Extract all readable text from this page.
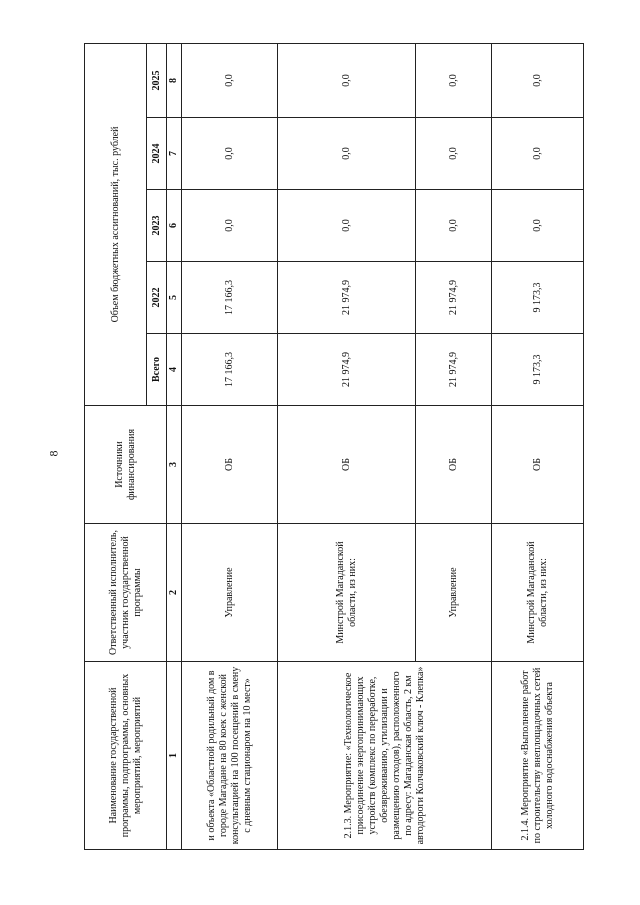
8
Наименование государственной программы, подпрограммы, основных мероприятий, мероприятий	Ответственный исполнитель, участник государственной программы	Источники финансирования	Объем бюджетных ассигнований, тыс. рублей				
			Всего	2022	2023	2024	2025
1	2	3	4	5	6	7	8
и объекта «Областной родильный дом в городе Магадане на 80 коек с женской консультацией на 100 посещений в смену с дневным стационаром на 10 мест»	Управление	ОБ	17 166,3	17 166,3	0,0	0,0	0,0
2.1.3. Мероприятие: «Технологическое присоединение энергопринимающих устройств (комплекс по переработке, обезвреживанию, утилизации и размещению отходов), расположенного по адресу: Магаданская область, 2 км автодороги Колчаковский ключ - Клепка»	Минстрой Магаданской области, из них:	ОБ	21 974,9	21 974,9	0,0	0,0	0,0
	Управление	ОБ	21 974,9	21 974,9	0,0	0,0	0,0
2.1.4. Мероприятие «Выполнение работ по строительству внеплощадочных сетей холодного водоснабжения объекта	Минстрой Магаданской области, из них:	ОБ	9 173,3	9 173,3	0,0	0,0	0,0
